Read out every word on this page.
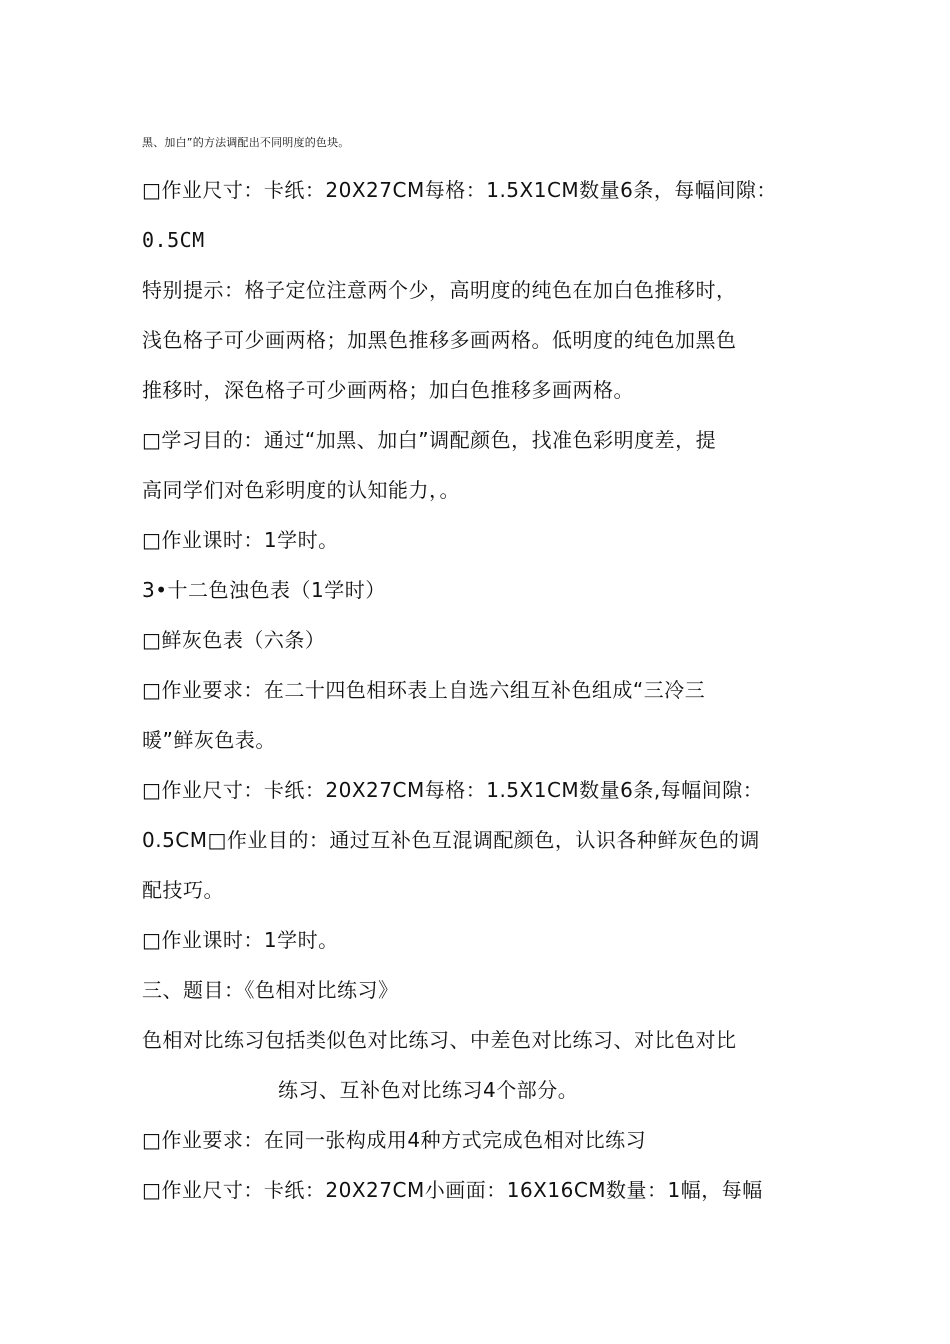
黑、加白”的方法调配出不同明度的色块。
□作业尺寸：卡纸：20X27CM每格：1.5X1CM数量6条，每幅间隙：
0.5CM
特别提示：格子定位注意两个少，高明度的纯色在加白色推移时，
浅色格子可少画两格；加黑色推移多画两格。低明度的纯色加黑色
推移时，深色格子可少画两格；加白色推移多画两格。
□学习目的：通过“加黑、加白”调配颜色，找准色彩明度差，提
高同学们对色彩明度的认知能力，。
□作业课时：1学时。
3•十二色浊色表（1学时）
□鲜灰色表（六条）
□作业要求：在二十四色相环表上自选六组互补色组成“三冷三
暖”鲜灰色表。
□作业尺寸：卡纸：20X27CM每格：1.5X1CM数量6条,每幅间隙：
0.5CM□作业目的：通过互补色互混调配颜色，认识各种鲜灰色的调
配技巧。
□作业课时：1学时。
三、题目：《色相对比练习》
色相对比练习包括类似色对比练习、中差色对比练习、对比色对比
练习、互补色对比练习4个部分。
□作业要求：在同一张构成用4种方式完成色相对比练习
□作业尺寸：卡纸：20X27CM小画面：16X16CM数量：1幅，每幅
